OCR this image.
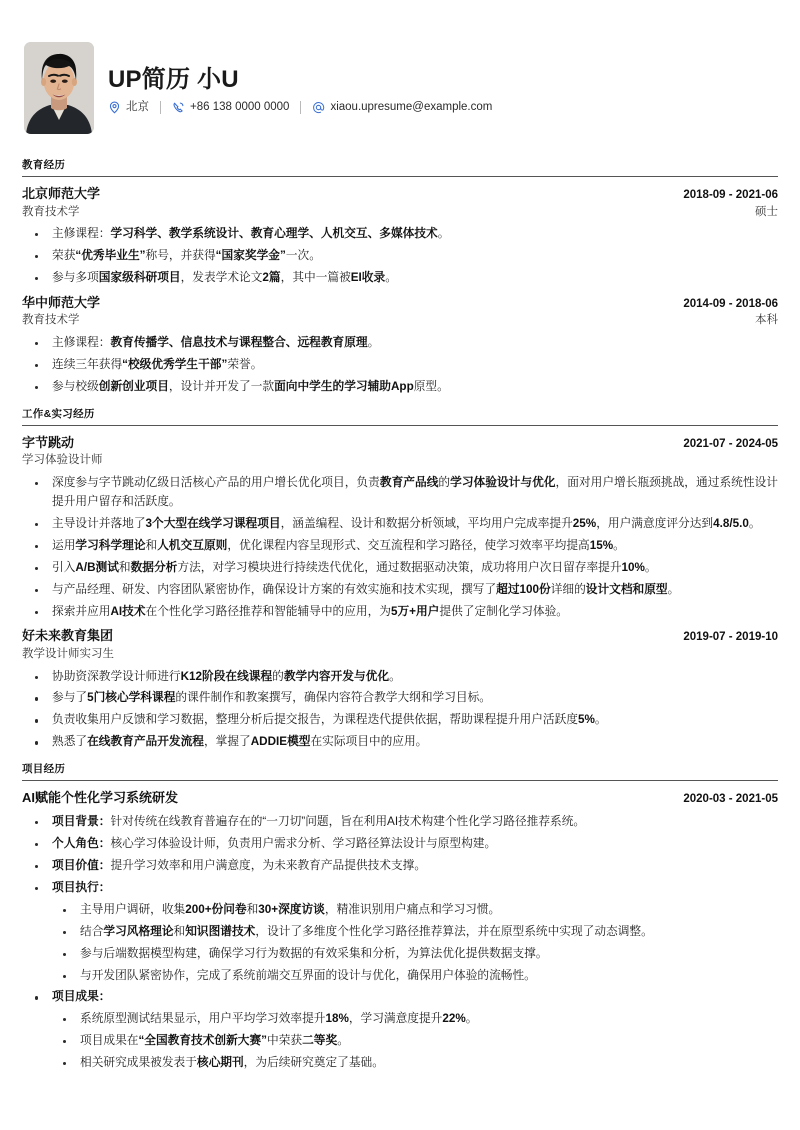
UP简历 小U
北京	+86 138 0000 0000	xiaou.upresume@example.com
教育经历
北京师范大学	2018-09 - 2021-06
教育技术学	硕士
主修课程：学习科学、教学系统设计、教育心理学、人机交互、多媒体技术。
荣获“优秀毕业生”称号，并获得“国家奖学金”一次。
参与多项国家级科研项目，发表学术论文2篇，其中一篇被EI收录。
华中师范大学	2014-09 - 2018-06
教育技术学	本科
主修课程：教育传播学、信息技术与课程整合、远程教育原理。
连续三年获得“校级优秀学生干部”荣誉。
参与校级创新创业项目，设计并开发了一款面向中学生的学习辅助App原型。
工作&实习经历
字节跳动	2021-07 - 2024-05
学习体验设计师
深度参与字节跳动亿级日活核心产品的用户增长优化项目，负责教育产品线的学习体验设计与优化，面对用户增长瓶颈挑战，通过系统性设计提升用户留存和活跃度。
主导设计并落地了3个大型在线学习课程项目，涵盖编程、设计和数据分析领域，平均用户完成率提升25%，用户满意度评分达到4.8/5.0。
运用学习科学理论和人机交互原则，优化课程内容呈现形式、交互流程和学习路径，使学习效率平均提高15%。
引入A/B测试和数据分析方法，对学习模块进行持续迭代优化，通过数据驱动决策，成功将用户次日留存率提升10%。
与产品经理、研发、内容团队紧密协作，确保设计方案的有效实施和技术实现，撰写了超过100份详细的设计文档和原型。
探索并应用AI技术在个性化学习路径推荐和智能辅导中的应用，为5万+用户提供了定制化学习体验。
好未来教育集团	2019-07 - 2019-10
教学设计师实习生
协助资深教学设计师进行K12阶段在线课程的教学内容开发与优化。
参与了5门核心学科课程的课件制作和教案撰写，确保内容符合教学大纲和学习目标。
负责收集用户反馈和学习数据，整理分析后提交报告，为课程迭代提供依据，帮助课程提升用户活跃度5%。
熟悉了在线教育产品开发流程，掌握了ADDIE模型在实际项目中的应用。
项目经历
AI赋能个性化学习系统研发	2020-03 - 2021-05
项目背景：针对传统在线教育普遍存在的“一刀切”问题，旨在利用AI技术构建个性化学习路径推荐系统。
个人角色：核心学习体验设计师，负责用户需求分析、学习路径算法设计与原型构建。
项目价值：提升学习效率和用户满意度，为未来教育产品提供技术支撑。
项目执行：
主导用户调研，收集200+份问卷和30+深度访谈，精准识别用户痛点和学习习惯。
结合学习风格理论和知识图谱技术，设计了多维度个性化学习路径推荐算法，并在原型系统中实现了动态调整。
参与后端数据模型构建，确保学习行为数据的有效采集和分析，为算法优化提供数据支撑。
与开发团队紧密协作，完成了系统前端交互界面的设计与优化，确保用户体验的流畅性。
项目成果：
系统原型测试结果显示，用户平均学习效率提升18%，学习满意度提升22%。
项目成果在“全国教育技术创新大赛”中荣获二等奖。
相关研究成果被发表于核心期刊，为后续研究奠定了基础。
